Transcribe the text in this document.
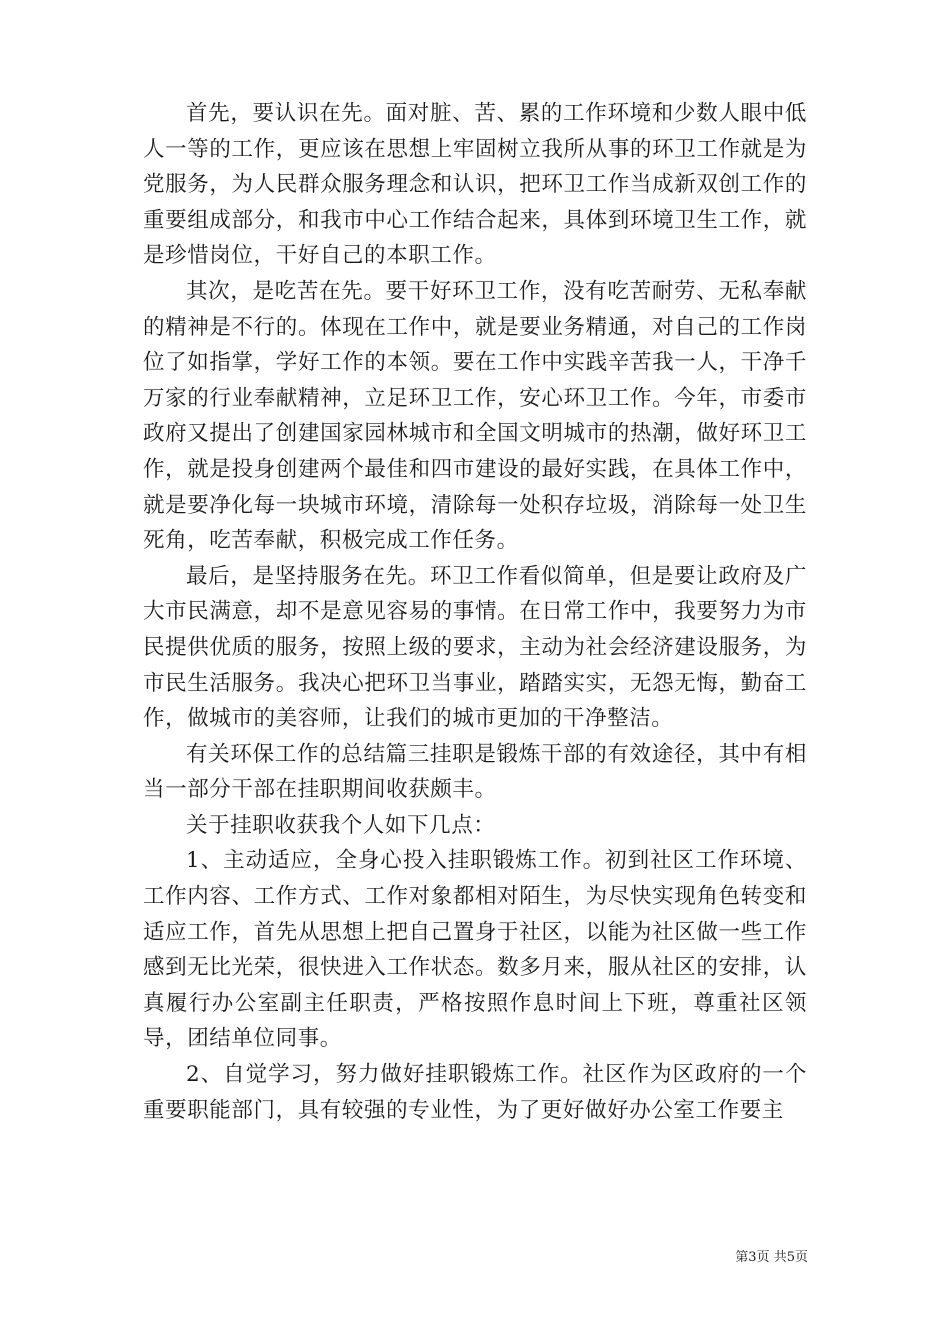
首先，要认识在先。面对脏、苦、累的工作环境和少数人眼中低人一等的工作，更应该在思想上牢固树立我所从事的环卫工作就是为党服务，为人民群众服务理念和认识，把环卫工作当成新双创工作的重要组成部分，和我市中心工作结合起来，具体到环境卫生工作，就是珍惜岗位，干好自己的本职工作。

其次，是吃苦在先。要干好环卫工作，没有吃苦耐劳、无私奉献的精神是不行的。体现在工作中，就是要业务精通，对自己的工作岗位了如指掌，学好工作的本领。要在工作中实践辛苦我一人，干净千万家的行业奉献精神，立足环卫工作，安心环卫工作。今年，市委市政府又提出了创建国家园林城市和全国文明城市的热潮，做好环卫工作，就是投身创建两个最佳和四市建设的最好实践，在具体工作中，就是要净化每一块城市环境，清除每一处积存垃圾，消除每一处卫生死角，吃苦奉献，积极完成工作任务。

最后，是坚持服务在先。环卫工作看似简单，但是要让政府及广大市民满意，却不是意见容易的事情。在日常工作中，我要努力为市民提供优质的服务，按照上级的要求，主动为社会经济建设服务，为市民生活服务。我决心把环卫当事业，踏踏实实，无怨无悔，勤奋工作，做城市的美容师，让我们的城市更加的干净整洁。

有关环保工作的总结篇三挂职是锻炼干部的有效途径，其中有相当一部分干部在挂职期间收获颇丰。

关于挂职收获我个人如下几点：

1、主动适应，全身心投入挂职锻炼工作。初到社区工作环境、工作内容、工作方式、工作对象都相对陌生，为尽快实现角色转变和适应工作，首先从思想上把自己置身于社区，以能为社区做一些工作感到无比光荣，很快进入工作状态。数多月来，服从社区的安排，认真履行办公室副主任职责，严格按照作息时间上下班，尊重社区领导，团结单位同事。

2、自觉学习，努力做好挂职锻炼工作。社区作为区政府的一个重要职能部门，具有较强的专业性，为了更好做好办公室工作要主

第3页 共5页
